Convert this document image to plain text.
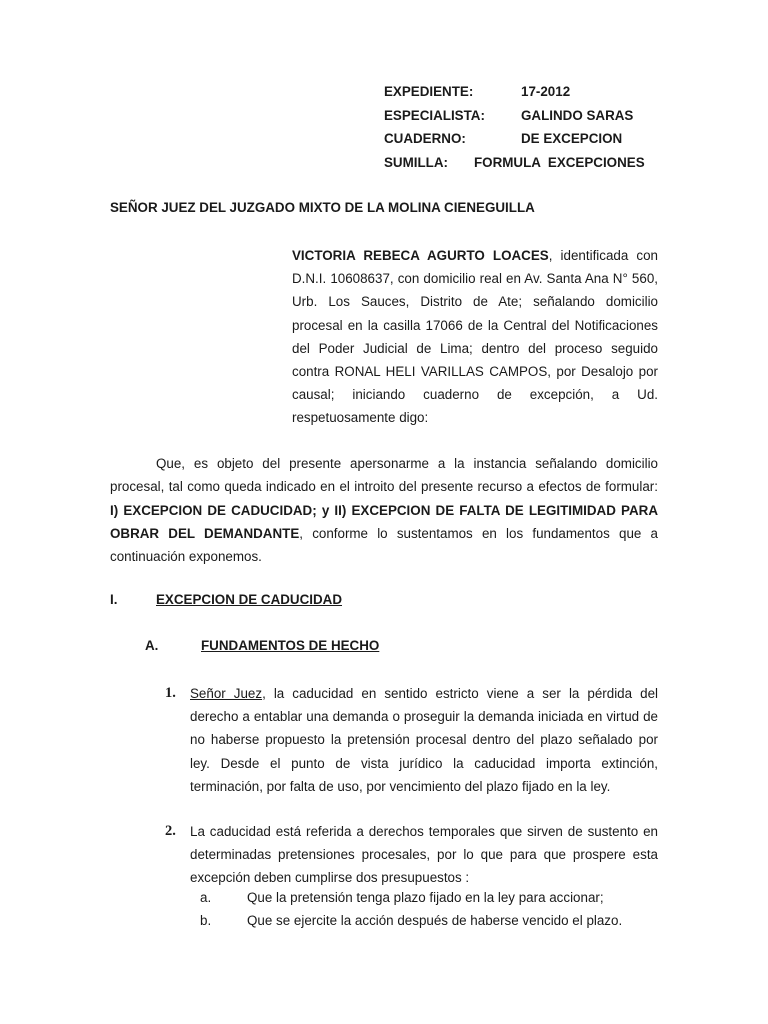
EXPEDIENTE:	17-2012
ESPECIALISTA:	GALINDO SARAS
CUADERNO:	DE EXCEPCION
SUMILLA: FORMULA  EXCEPCIONES
SEÑOR JUEZ DEL JUZGADO MIXTO DE LA MOLINA CIENEGUILLA
VICTORIA REBECA AGURTO LOACES, identificada con D.N.I. 10608637, con domicilio real en Av. Santa Ana N° 560, Urb. Los Sauces, Distrito de Ate; señalando domicilio procesal en la casilla 17066 de la Central del Notificaciones del Poder Judicial de Lima; dentro del proceso seguido contra RONAL HELI VARILLAS CAMPOS, por Desalojo por causal; iniciando cuaderno de excepción, a Ud. respetuosamente digo:
Que, es objeto del presente apersonarme a la instancia señalando domicilio procesal, tal como queda indicado en el introito del presente recurso a efectos de formular: I) EXCEPCION DE CADUCIDAD; y II) EXCEPCION DE FALTA DE LEGITIMIDAD PARA OBRAR DEL DEMANDANTE, conforme lo sustentamos en los fundamentos que a continuación exponemos.
I.	EXCEPCION DE CADUCIDAD
A.	FUNDAMENTOS DE HECHO
1. Señor Juez, la caducidad en sentido estricto viene a ser la pérdida del derecho a entablar una demanda o proseguir la demanda iniciada en virtud de no haberse propuesto la pretensión procesal dentro del plazo señalado por ley. Desde el punto de vista jurídico la caducidad importa extinción, terminación, por falta de uso, por vencimiento del plazo fijado en la ley.
2. La caducidad está referida a derechos temporales que sirven de sustento en determinadas pretensiones procesales, por lo que para que prospere esta excepción deben cumplirse dos presupuestos :
a.	Que la pretensión tenga plazo fijado en la ley para accionar;
b.	Que se ejercite la acción después de haberse vencido el plazo.
